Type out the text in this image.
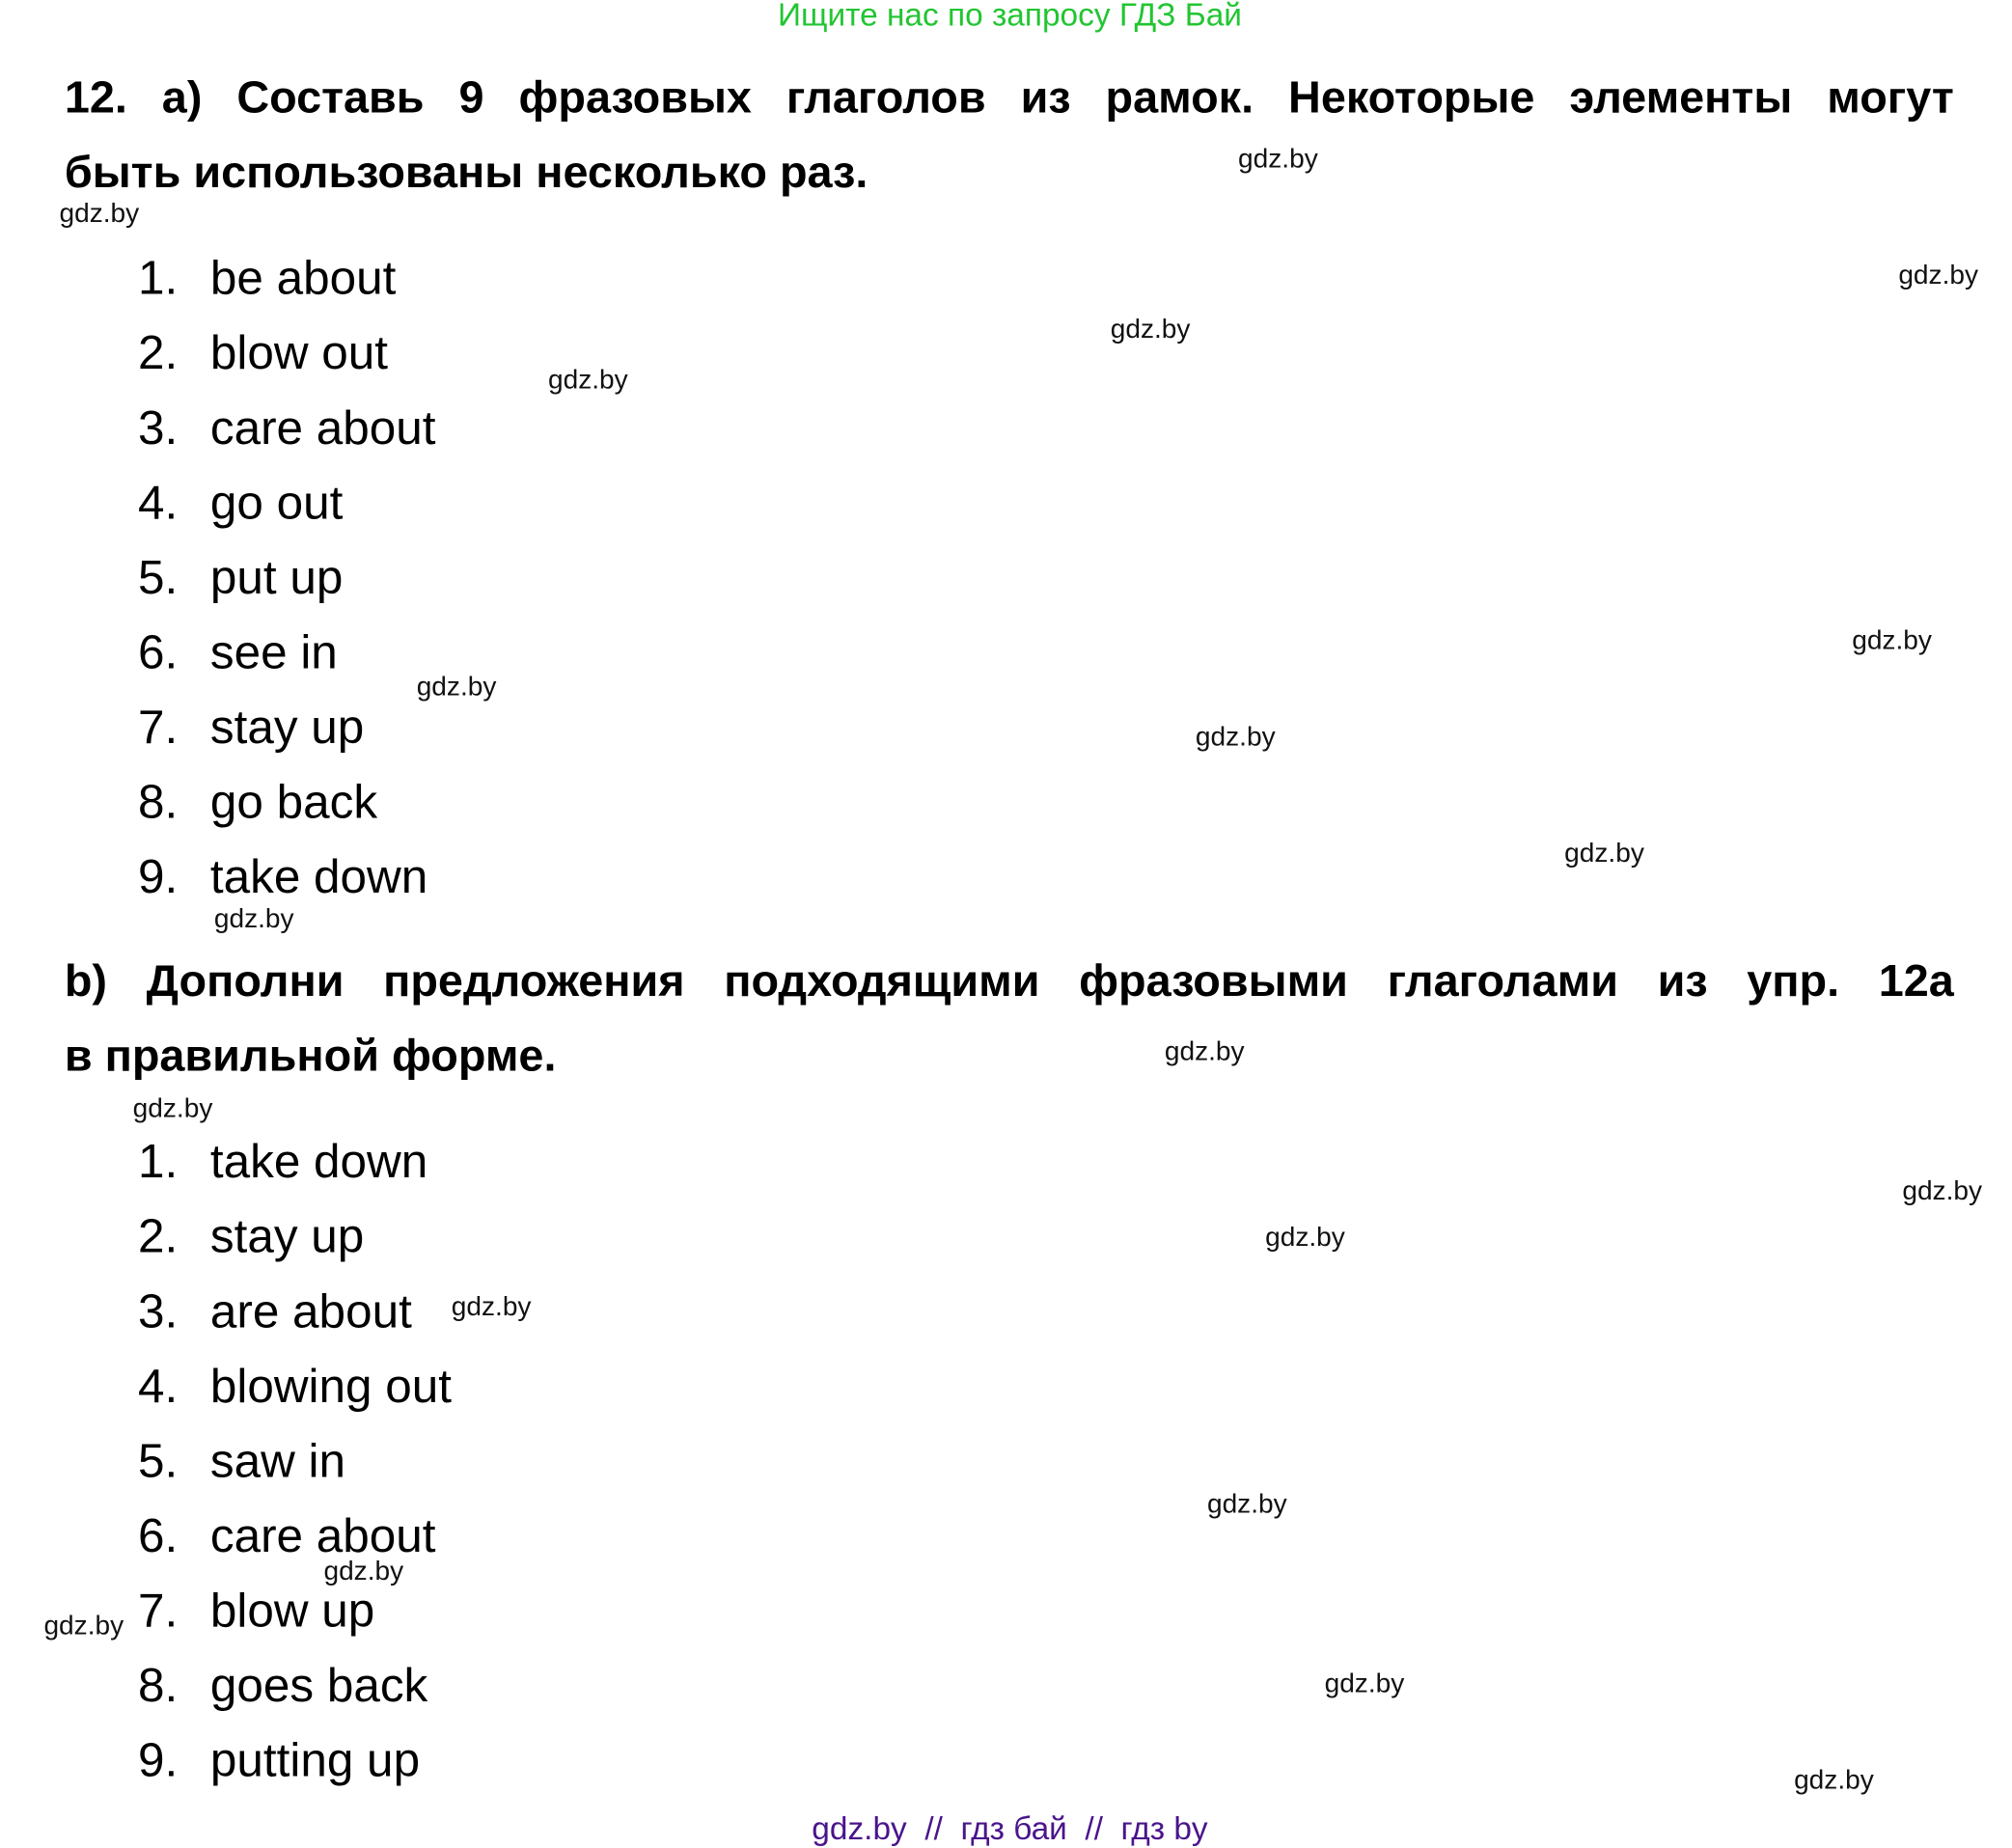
Ищите нас по запросу ГДЗ Бай
12. a) Составь 9 фразовых глаголов из рамок. Некоторые элементы могут
быть использованы несколько раз.
1. be about
2. blow out
3. care about
4. go out
5. put up
6. see in
7. stay up
8. go back
9. take down
b) Дополни предложения подходящими фразовыми глаголами из упр. 12a
в правильной форме.
1. take down
2. stay up
3. are about
4. blowing out
5. saw in
6. care about
7. blow up
8. goes back
9. putting up
gdz.by
gdz.by
gdz.by
gdz.by
gdz.by
gdz.by
gdz.by
gdz.by
gdz.by
gdz.by
gdz.by
gdz.by
gdz.by
gdz.by
gdz.by
gdz.by
gdz.by
gdz.by
gdz.by
gdz.by
gdz.by  //  гдз бай  //  гдз by
